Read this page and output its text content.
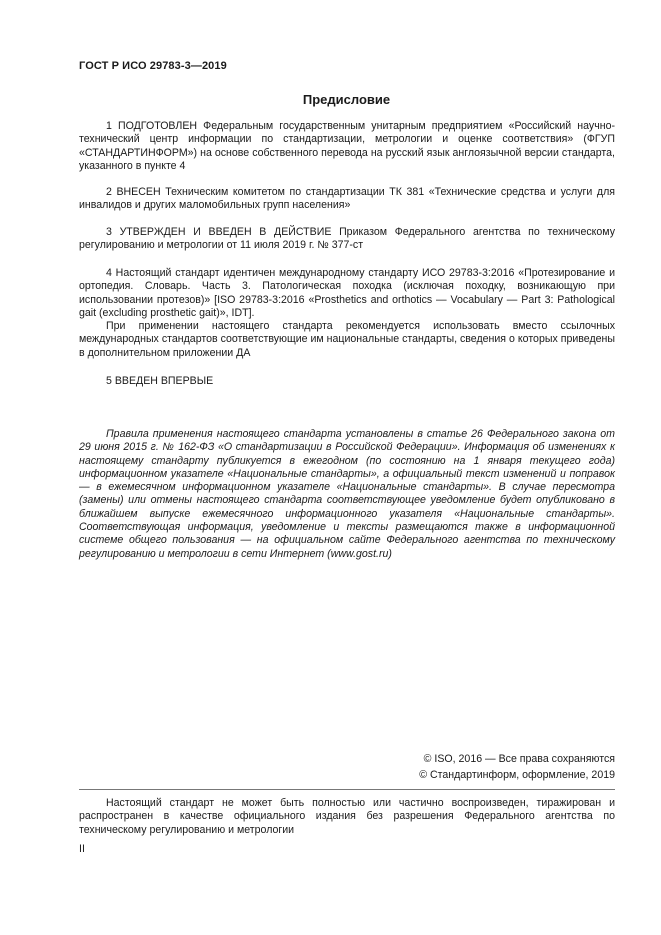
ГОСТ Р ИСО 29783-3—2019
Предисловие

1 ПОДГОТОВЛЕН Федеральным государственным унитарным предприятием «Российский научно-технический центр информации по стандартизации, метрологии и оценке соответствия» (ФГУП «СТАНДАРТИНФОРМ») на основе собственного перевода на русский язык англоязычной версии стандарта, указанного в пункте 4

2 ВНЕСЕН Техническим комитетом по стандартизации ТК 381 «Технические средства и услуги для инвалидов и других маломобильных групп населения»

3 УТВЕРЖДЕН И ВВЕДЕН В ДЕЙСТВИЕ Приказом Федерального агентства по техническому регулированию и метрологии от 11 июля 2019 г. № 377-ст

4 Настоящий стандарт идентичен международному стандарту ИСО 29783-3:2016 «Протезирование и ортопедия. Словарь. Часть 3. Патологическая походка (исключая походку, возникающую при использовании протезов)» [ISO 29783-3:2016 «Prosthetics and orthotics — Vocabulary — Part 3: Pathological gait (excluding prosthetic gait)», IDT].

При применении настоящего стандарта рекомендуется использовать вместо ссылочных международных стандартов соответствующие им национальные стандарты, сведения о которых приведены в дополнительном приложении ДА

5 ВВЕДЕН ВПЕРВЫЕ

Правила применения настоящего стандарта установлены в статье 26 Федерального закона от 29 июня 2015 г. № 162-ФЗ «О стандартизации в Российской Федерации». Информация об изменениях к настоящему стандарту публикуется в ежегодном (по состоянию на 1 января текущего года) информационном указателе «Национальные стандарты», а официальный текст изменений и поправок — в ежемесячном информационном указателе «Национальные стандарты». В случае пересмотра (замены) или отмены настоящего стандарта соответствующее уведомление будет опубликовано в ближайшем выпуске ежемесячного информационного указателя «Национальные стандарты». Соответствующая информация, уведомление и тексты размещаются также в информационной системе общего пользования — на официальном сайте Федерального агентства по техническому регулированию и метрологии в сети Интернет (www.gost.ru)

© ISO, 2016 — Все права сохраняются
© Стандартинформ, оформление, 2019

Настоящий стандарт не может быть полностью или частично воспроизведен, тиражирован и распространен в качестве официального издания без разрешения Федерального агентства по техническому регулированию и метрологии

II
